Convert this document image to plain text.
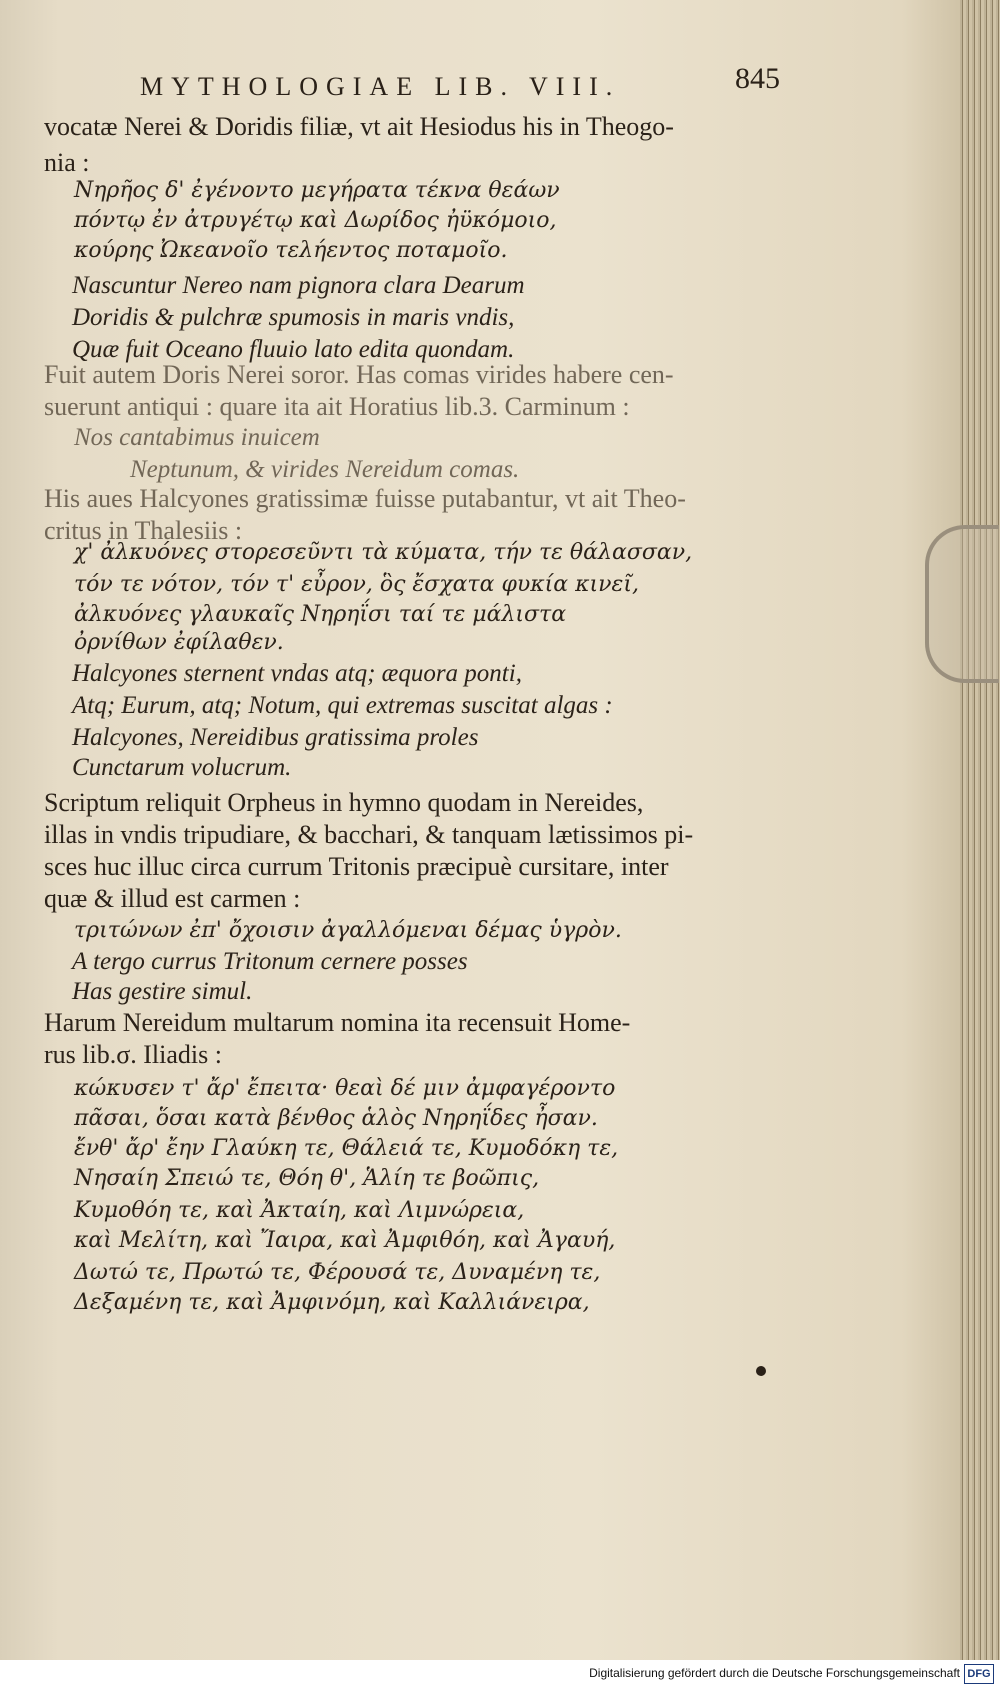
MYTHOLOGIAE LIB. VIII.	845
vocatæ Nerei & Doridis filiæ, vt ait Hesiodus his in Theogo-
nia :
Νηρῆος δ' ἐγένοντο μεγήρατα τέκνα θεάων
πόντῳ ἐν ἀτρυγέτῳ καὶ Δωρίδος ἠϋκόμοιο,
κούρης Ὠκεανοῖο τελήεντος ποταμοῖο.
Nascuntur Nereo nam pignora clara Dearum
Doridis & pulchræ spumosis in maris vndis,
Quæ fuit Oceano fluuio lato edita quondam.
Fuit autem Doris Nerei soror. Has comas virides habere cen-
suerunt antiqui : quare ita ait Horatius lib.3. Carminum :
Nos cantabimus inuicem
Neptunum, & virides Nereidum comas.
His aues Halcyones gratissimæ fuisse putabantur, vt ait Theo-
critus in Thalesiis :
χ' ἀλκυόνες στορεσεῦντι τὰ κύματα, τήν τε θάλασσαν,
τόν τε νότον, τόν τ' εὖρον, ὃς ἔσχατα φυκία κινεῖ,
ἀλκυόνες γλαυκαῖς Νηρηΐσι ταί τε μάλιστα
ὀρνίθων ἐφίλαθεν.
Halcyones sternent vndas atq; æquora ponti,
Atq; Eurum, atq; Notum, qui extremas suscitat algas :
Halcyones, Nereidibus gratissima proles
Cunctarum volucrum.
Scriptum reliquit Orpheus in hymno quodam in Nereides,
illas in vndis tripudiare, & bacchari, & tanquam lætissimos pi-
sces huc illuc circa currum Tritonis præcipuè cursitare, inter
quæ & illud est carmen :
τριτώνων ἐπ' ὄχοισιν ἀγαλλόμεναι δέμας ὑγρὸν.
A tergo currus Tritonum cernere posses
Has gestire simul.
Harum Nereidum multarum nomina ita recensuit Home-
rus lib.σ. Iliadis :
κώκυσεν τ' ἄρ' ἔπειτα· θεαὶ δέ μιν ἀμφαγέροντο
πᾶσαι, ὅσαι κατὰ βένθος ἁλὸς Νηρηΐδες ἦσαν.
ἔνθ' ἄρ' ἔην Γλαύκη τε, Θάλειά τε, Κυμοδόκη τε,
Νησαίη Σπειώ τε, Θόη θ', Ἁλίη τε βοῶπις,
Κυμοθόη τε, καὶ Ἀκταίη, καὶ Λιμνώρεια,
καὶ Μελίτη, καὶ Ἴαιρα, καὶ Ἀμφιθόη, καὶ Ἀγαυή,
Δωτώ τε, Πρωτώ τε, Φέρουσά τε, Δυναμένη τε,
Δεξαμένη τε, καὶ Ἀμφινόμη, καὶ Καλλιάνειρα,
Digitalisierung gefördert durch die Deutsche Forschungsgemeinschaft DFG
